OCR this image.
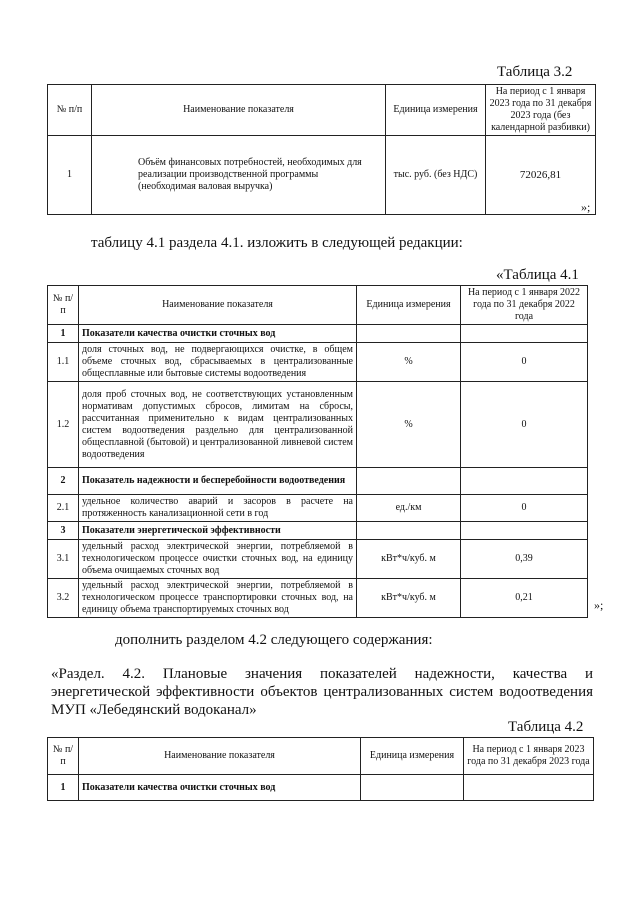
Таблица 3.2
№ п/п	Наименование показателя	Единица измерения	На период с 1 января 2023 года по 31 декабря 2023 года (без календарной разбивки)
1	Объём финансовых потребностей, необходимых для реализации производственной программы (необходимая валовая выручка)	тыс. руб. (без НДС)	72026,81
»;
таблицу 4.1 раздела 4.1. изложить в следующей редакции:
«Таблица 4.1
№ п/п	Наименование показателя	Единица измерения	На период с 1 января 2022 года по 31 декабря 2022 года
1	Показатели качества очистки сточных вод		
1.1	доля сточных вод, не подвергающихся очистке, в общем объеме сточных вод, сбрасываемых в централизованные общесплавные или бытовые системы водоотведения	%	0
1.2	доля проб сточных вод, не соответствующих установленным нормативам допустимых сбросов, лимитам на сбросы, рассчитанная применительно к видам централизованных систем водоотведения раздельно для централизованной общесплавной (бытовой) и централизованной ливневой систем водоотведения	%	0
2	Показатель надежности и бесперебойности водоотведения		
2.1	удельное количество аварий и засоров в расчете на протяженность канализационной сети в год	ед./км	0
3	Показатели энергетической эффективности		
3.1	удельный расход электрической энергии, потребляемой в технологическом процессе очистки сточных вод, на единицу объема очищаемых сточных вод	кВт*ч/куб. м	0,39
3.2	удельный расход электрической энергии, потребляемой в технологическом процессе транспортировки сточных вод, на единицу объема транспортируемых сточных вод	кВт*ч/куб. м	0,21
»;
дополнить разделом 4.2 следующего содержания:
«Раздел. 4.2. Плановые значения показателей надежности, качества и энергетической эффективности объектов централизованных систем водоотведения МУП «Лебедянский водоканал»
Таблица 4.2
№ п/п	Наименование показателя	Единица измерения	На период с 1 января 2023 года по 31 декабря 2023 года
1	Показатели качества очистки сточных вод		
